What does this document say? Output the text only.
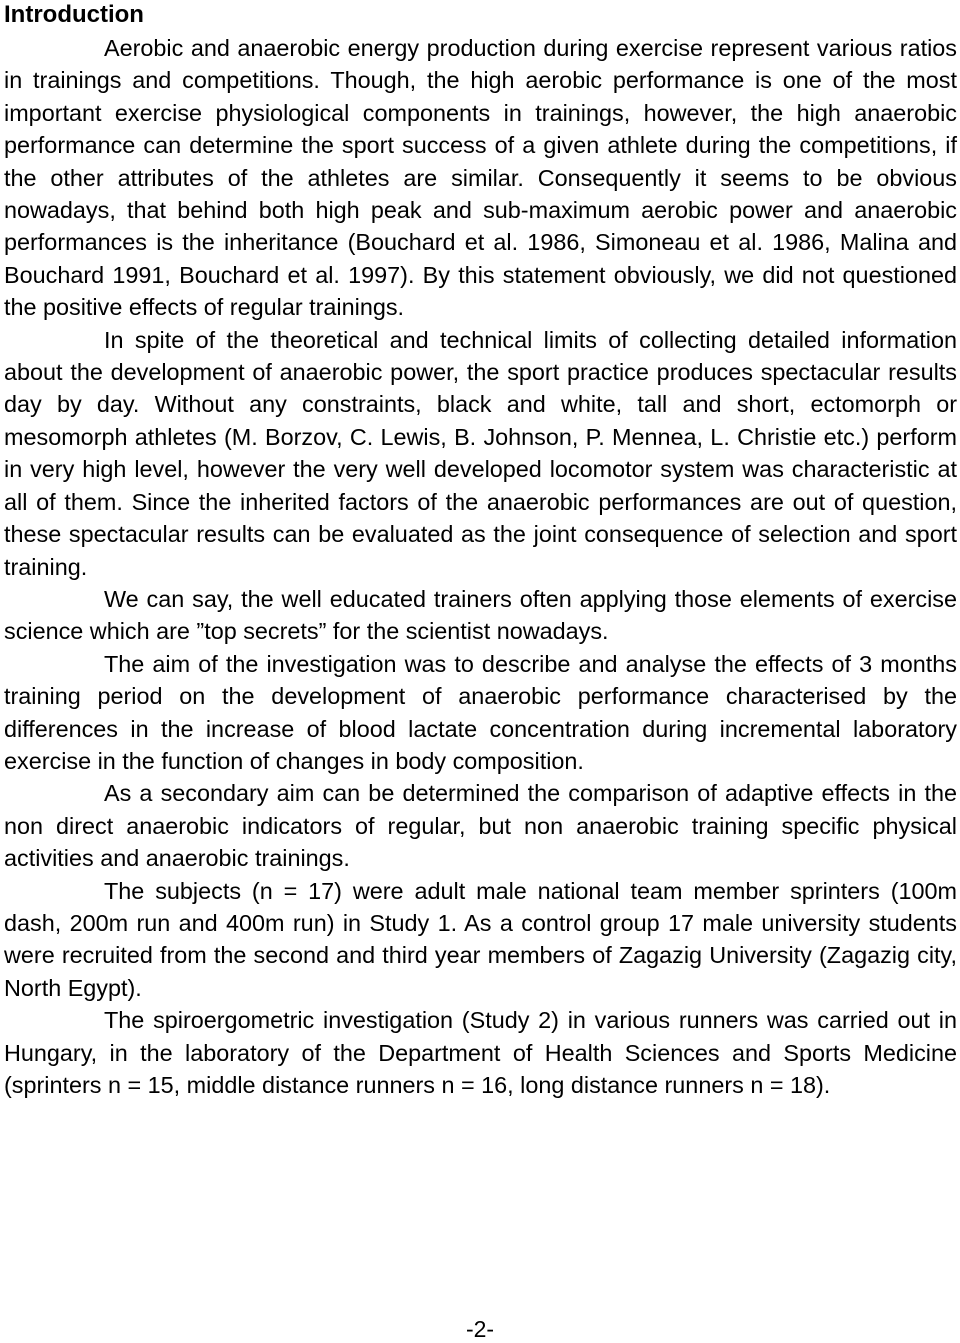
Introduction

Aerobic and anaerobic energy production during exercise represent various ratios in trainings and competitions. Though, the high aerobic performance is one of the most important exercise physiological components in trainings, however, the high anaerobic performance can determine the sport success of a given athlete during the competitions, if the other attributes of the athletes are similar. Consequently it seems to be obvious nowadays, that behind both high peak and sub-maximum aerobic power and anaerobic performances is the inheritance (Bouchard et al. 1986, Simoneau et al. 1986, Malina and Bouchard 1991, Bouchard et al. 1997). By this statement obviously, we did not questioned the positive effects of regular trainings.

In spite of the theoretical and technical limits of collecting detailed information about the development of anaerobic power, the sport practice produces spectacular results day by day. Without any constraints, black and white, tall and short, ectomorph or mesomorph athletes (M. Borzov, C. Lewis, B. Johnson, P. Mennea, L. Christie etc.) perform in very high level, however the very well developed locomotor system was characteristic at all of them. Since the inherited factors of the anaerobic performances are out of question, these spectacular results can be evaluated as the joint consequence of selection and sport training.

We can say, the well educated trainers often applying those elements of exercise science which are ”top secrets” for the scientist nowadays.

The aim of the investigation was to describe and analyse the effects of 3 months training period on the development of anaerobic performance characterised by the differences in the increase of blood lactate concentration during incremental laboratory exercise in the function of changes in body composition.

As a secondary aim can be determined the comparison of adaptive effects in the non direct anaerobic indicators of regular, but non anaerobic training specific physical activities and anaerobic trainings.

The subjects (n = 17) were adult male national team member sprinters (100m dash, 200m run and 400m run) in Study 1. As a control group 17 male university students were recruited from the second and third year members of Zagazig University (Zagazig city, North Egypt).

The spiroergometric investigation (Study 2) in various runners was carried out in Hungary, in the laboratory of the Department of Health Sciences and Sports Medicine (sprinters n = 15, middle distance runners n = 16, long distance runners n = 18).

-2-
